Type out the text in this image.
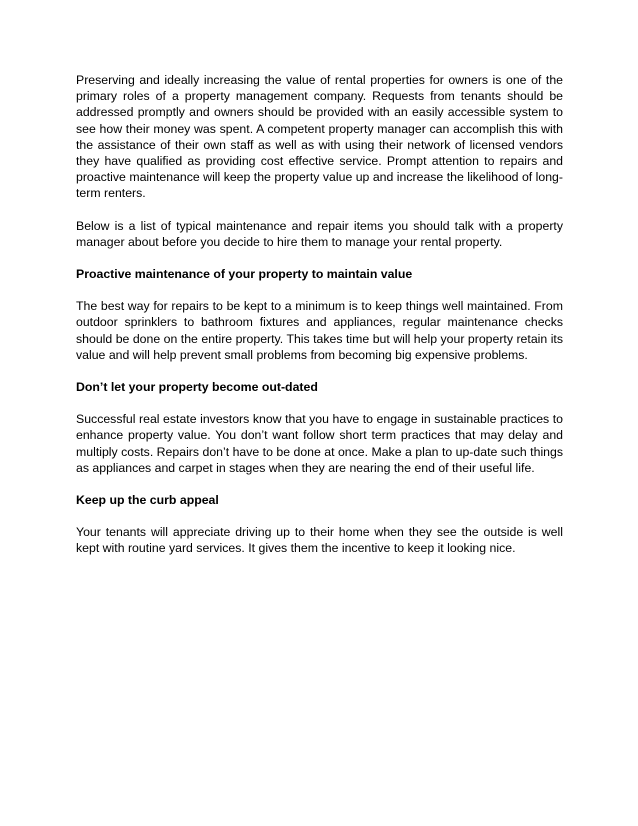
Preserving and ideally increasing the value of rental properties for owners is one of the primary roles of a property management company. Requests from tenants should be addressed promptly and owners should be provided with an easily accessible system to see how their money was spent. A competent property manager can accomplish this with the assistance of their own staff as well as with using their network of licensed vendors they have qualified as providing cost effective service. Prompt attention to repairs and proactive maintenance will keep the property value up and increase the likelihood of long-term renters.

Below is a list of typical maintenance and repair items you should talk with a property manager about before you decide to hire them to manage your rental property.

Proactive maintenance of your property to maintain value

The best way for repairs to be kept to a minimum is to keep things well maintained. From outdoor sprinklers to bathroom fixtures and appliances, regular maintenance checks should be done on the entire property. This takes time but will help your property retain its value and will help prevent small problems from becoming big expensive problems.

Don’t let your property become out-dated

Successful real estate investors know that you have to engage in sustainable practices to enhance property value. You don’t want follow short term practices that may delay and multiply costs. Repairs don’t have to be done at once. Make a plan to up-date such things as appliances and carpet in stages when they are nearing the end of their useful life.

Keep up the curb appeal

Your tenants will appreciate driving up to their home when they see the outside is well kept with routine yard services. It gives them the incentive to keep it looking nice.
